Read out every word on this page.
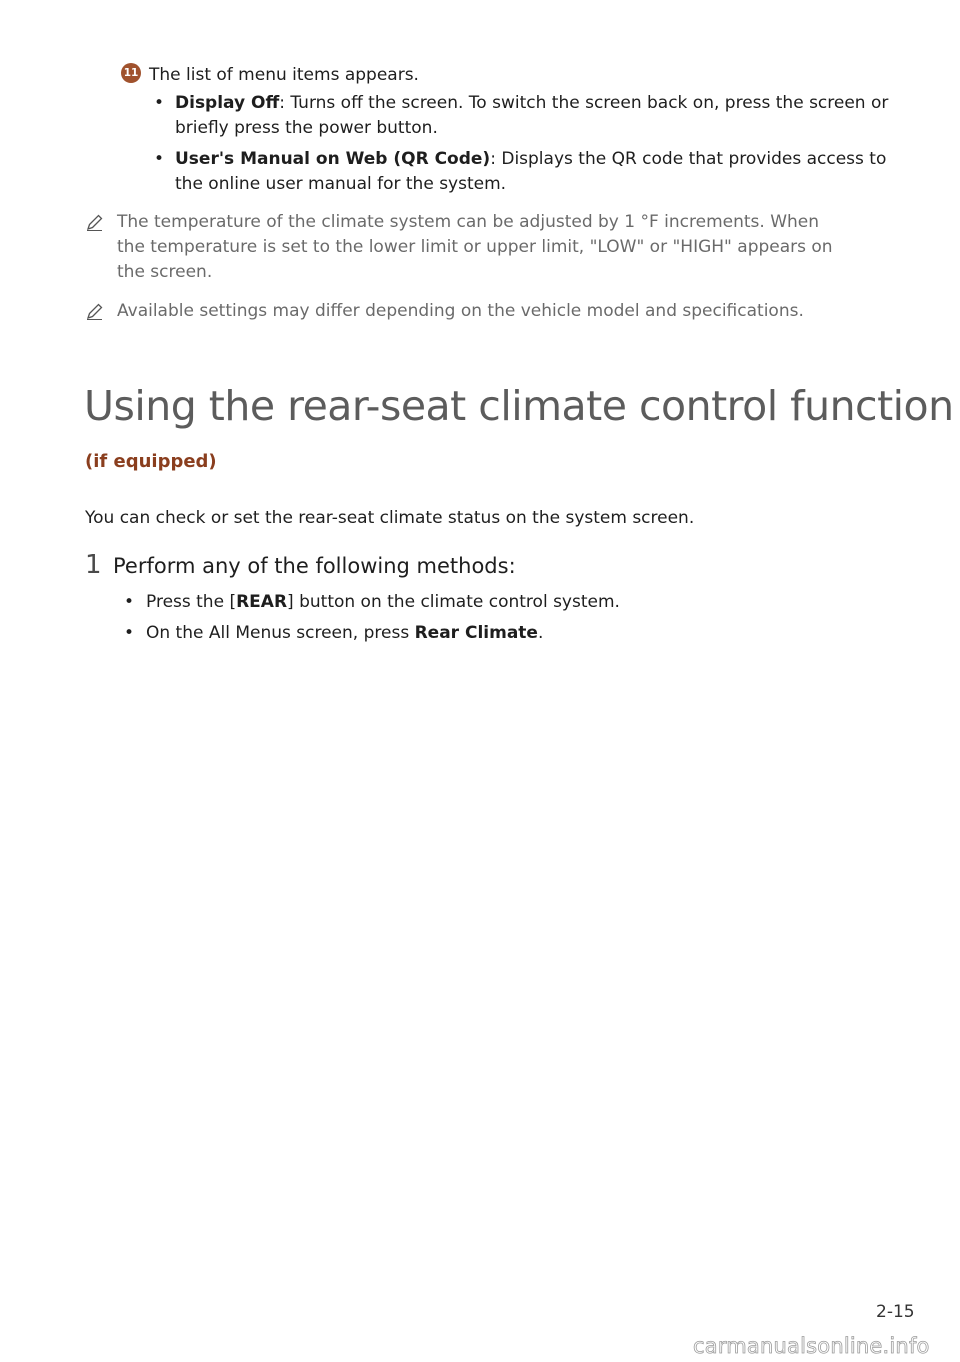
11 The list of menu items appears.
• Display Off: Turns off the screen. To switch the screen back on, press the screen or briefly press the power button.
• User's Manual on Web (QR Code): Displays the QR code that provides access to the online user manual for the system.
The temperature of the climate system can be adjusted by 1 °F increments. When the temperature is set to the lower limit or upper limit, "LOW" or "HIGH" appears on the screen.
Available settings may differ depending on the vehicle model and specifications.
Using the rear-seat climate control function
(if equipped)
You can check or set the rear-seat climate status on the system screen.
1 Perform any of the following methods:
• Press the [REAR] button on the climate control system.
• On the All Menus screen, press Rear Climate.
2-15
carmanualsonline.info
